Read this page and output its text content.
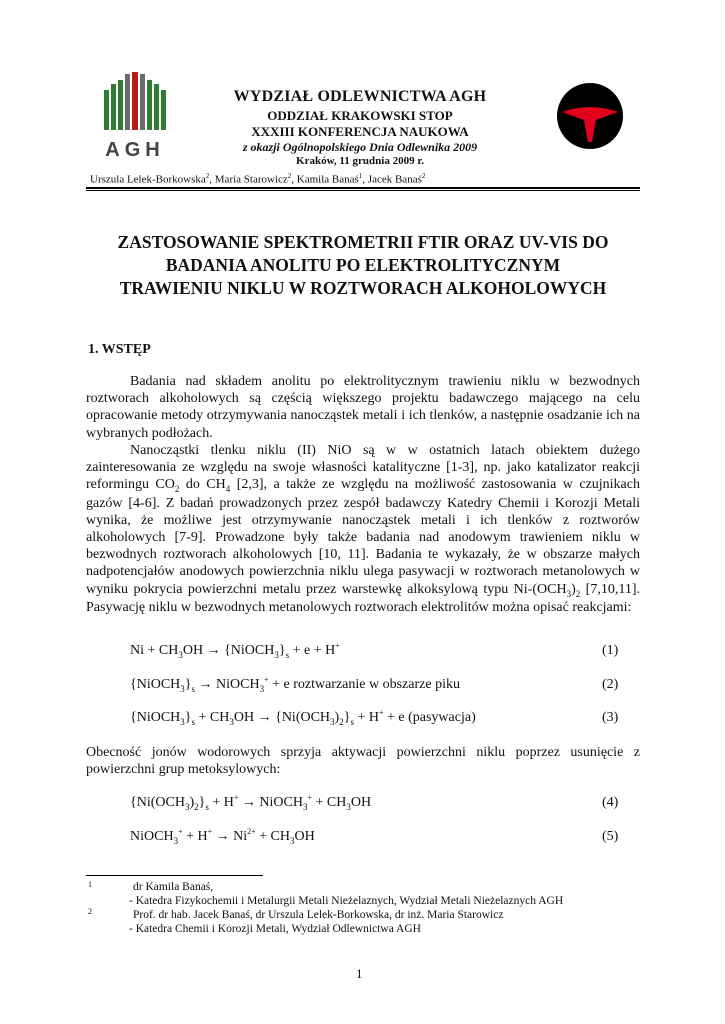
AGH
WYDZIAŁ ODLEWNICTWA AGH
ODDZIAŁ KRAKOWSKI STOP
XXXIII KONFERENCJA NAUKOWA
z okazji Ogólnopolskiego Dnia Odlewnika 2009
Kraków, 11 grudnia 2009 r.
Urszula Lelek-Borkowska$^2$, Maria Starowicz$^2$, Kamila Banaś$^1$, Jacek Banaś$^2$
ZASTOSOWANIE SPEKTROMETRII FTIR ORAZ UV-VIS DO
BADANIA ANOLITU PO ELEKTROLITYCZNYM
TRAWIENIU NIKLU W ROZTWORACH ALKOHOLOWYCH
1. WSTĘP
Badania nad składem anolitu po elektrolitycznym trawieniu niklu w bezwodnych roztworach alkoholowych są częścią większego projektu badawczego mającego na celu opracowanie metody otrzymywania nanocząstek metali i ich tlenków, a następnie osadzanie ich na wybranych podłożach.
Nanocząstki tlenku niklu (II) NiO są w w ostatnich latach obiektem dużego zainteresowania ze względu na swoje własności katalityczne [1-3], np. jako katalizator reakcji reformingu $CO_2$ do $CH_4$ [2,3], a także ze względu na możliwość zastosowania w czujnikach gazów [4-6]. Z badań prowadzonych przez zespół badawczy Katedry Chemii i Korozji Metali wynika, że możliwe jest otrzymywanie nanocząstek metali i ich tlenków z roztworów alkoholowych [7-9]. Prowadzone były także badania nad anodowym trawieniem niklu w bezwodnych roztworach alkoholowych [10, 11]. Badania te wykazały, że w obszarze małych nadpotencjałów anodowych powierzchnia niklu ulega pasywacji w roztworach metanolowych w wyniku pokrycia powierzchni metalu przez warstewkę alkoksylową typu $Ni-(OCH_3)_2$ [7,10,11]. Pasywację niklu w bezwodnych metanolowych roztworach elektrolitów można opisać reakcjami:
$Ni + CH_3OH$ → $\{NiOCH_3\}_s + e + H^+$	(1)
$\{NiOCH_3\}_s$ → NiOCH$_3$+ + e roztwarzanie w obszarze piku	(2)
$\{NiOCH_3\}_s + CH_3OH \to \{Ni(OCH_3)_2\}_s + H^+ + e$ (pasywacja)	(3)
Obecność jonów wodorowych sprzyja aktywacji powierzchni niklu poprzez usunięcie z powierzchni grup metoksylowych:
$\{Ni(OCH_3)_2\}_s + H^+$ → NiOCH$_3$+ + $CH_3OH$	(4)
NiOCH$_3$+ + $H^+ \to Ni^{2+} + CH_3OH$	(5)
1	dr Kamila Banaś,
- Katedra Fizykochemii i Metalurgii Metali Nieżelaznych, Wydział Metali Nieżelaznych AGH
2	Prof. dr hab. Jacek Banaś, dr Urszula Lelek-Borkowska, dr inż. Maria Starowicz
- Katedra Chemii i Korozji Metali, Wydział Odlewnictwa AGH
1
